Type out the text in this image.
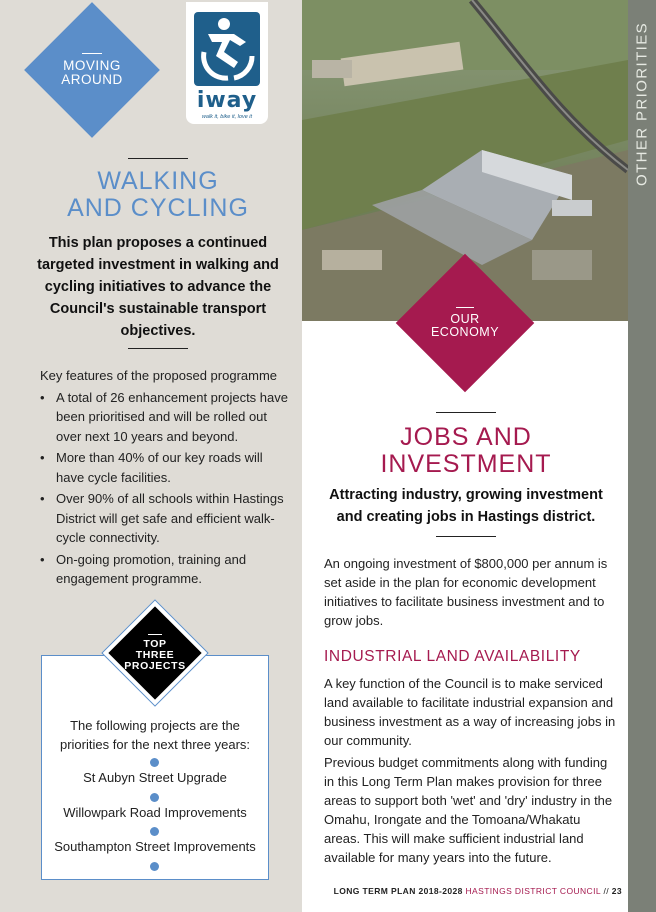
MOVING
AROUND
iway
walk it, bike it, love it
WALKING
AND CYCLING
This plan proposes a continued targeted investment in walking and cycling initiatives to advance the Council's sustainable transport objectives.
Key features of the proposed programme
• A total of 26 enhancement projects have been prioritised and will be rolled out over next 10 years and beyond.
• More than 40% of our key roads will have cycle facilities.
• Over 90% of all schools within Hastings District will get safe and efficient walk-cycle connectivity.
• On-going promotion, training and engagement programme.
The following projects are the priorities for the next three years:
St Aubyn Street Upgrade
Willowpark Road Improvements
Southampton Street Improvements
TOP
THREE
PROJECTS
OTHER PRIORITIES
OUR
ECONOMY
JOBS AND
INVESTMENT
Attracting industry, growing investment and creating jobs in Hastings district.
An ongoing investment of $800,000 per annum is set aside in the plan for economic development initiatives to facilitate business investment and to grow jobs.
INDUSTRIAL LAND AVAILABILITY
A key function of the Council is to make serviced land available to facilitate industrial expansion and business investment as a way of increasing jobs in our community.
Previous budget commitments along with funding in this Long Term Plan makes provision for three areas to support both 'wet' and 'dry' industry in the Omahu, Irongate and the Tomoana/Whakatu areas. This will make sufficient industrial land available for many years into the future.
LONG TERM PLAN 2018-2028 HASTINGS DISTRICT COUNCIL // 23
